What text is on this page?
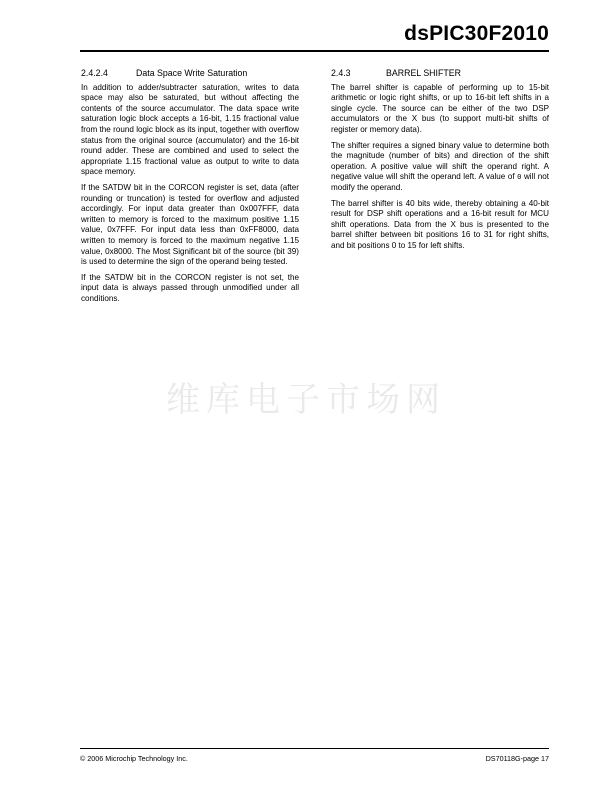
dsPIC30F2010
2.4.2.4	Data Space Write Saturation

In addition to adder/subtracter saturation, writes to data space may also be saturated, but without affecting the contents of the source accumulator. The data space write saturation logic block accepts a 16-bit, 1.15 fractional value from the round logic block as its input, together with overflow status from the original source (accumulator) and the 16-bit round adder. These are combined and used to select the appropriate 1.15 fractional value as output to write to data space memory.

If the SATDW bit in the CORCON register is set, data (after rounding or truncation) is tested for overflow and adjusted accordingly. For input data greater than 0x007FFF, data written to memory is forced to the maximum positive 1.15 value, 0x7FFF. For input data less than 0xFF8000, data written to memory is forced to the maximum negative 1.15 value, 0x8000. The Most Significant bit of the source (bit 39) is used to determine the sign of the operand being tested.

If the SATDW bit in the CORCON register is not set, the input data is always passed through unmodified under all conditions.

2.4.3	BARREL SHIFTER

The barrel shifter is capable of performing up to 15-bit arithmetic or logic right shifts, or up to 16-bit left shifts in a single cycle. The source can be either of the two DSP accumulators or the X bus (to support multi-bit shifts of register or memory data).

The shifter requires a signed binary value to determine both the magnitude (number of bits) and direction of the shift operation. A positive value will shift the operand right. A negative value will shift the operand left. A value of 0 will not modify the operand.

The barrel shifter is 40 bits wide, thereby obtaining a 40-bit result for DSP shift operations and a 16-bit result for MCU shift operations. Data from the X bus is presented to the barrel shifter between bit positions 16 to 31 for right shifts, and bit positions 0 to 15 for left shifts.

维库电子市场网
© 2006 Microchip Technology Inc.	DS70118G-page 17
